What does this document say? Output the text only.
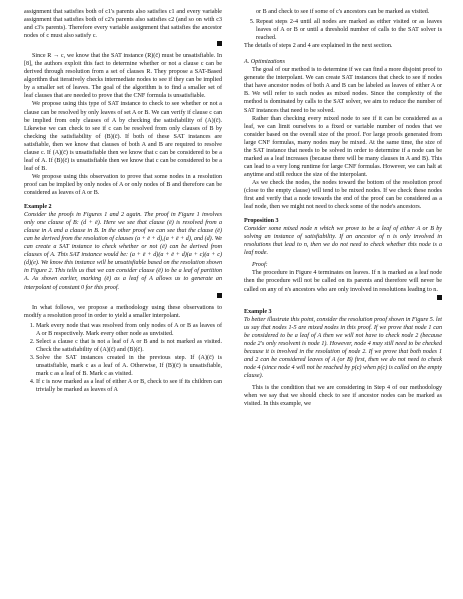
assignment that satisfies both of c1's parents also satisfies c1 and every variable assignment that satisfies both of c2's parents also satisfies c2 (and so on with c3 and c3's parents). Therefore every variable assignment that satisfies the ancestor nodes of c must also satisfy c.

Since R → c, we know that the SAT instance (R)(c̄) must be unsatisfiable. In [8], the authors exploit this fact to determine whether or not a clause c can be derived through resolution from a set of clauses R. They propose a SAT-Based algorithm that iteratively checks intermediate nodes to see if they can be implied by a smaller set of leaves. The goal of the algorithm is to find a smaller set of leaf clauses that are needed to prove that the CNF formula is unsatisfiable.

We propose using this type of SAT instance to check to see whether or not a clause can be resolved by only leaves of set A or B. We can verify if clause c can be implied from only clauses of A by checking the satisfiability of (A)(c̄). Likewise we can check to see if c can be resolved from only clauses of B by checking the satisfiability of (B)(c̄). If both of these SAT instances are satisfiable, then we know that clauses of both A and B are required to resolve clause c. If (A)(c̄) is unsatisfiable then we know that c can be considered to be a leaf of A. If (B)(c̄) is unsatisfiable then we know that c can be considered to be a leaf of B.

We propose using this observation to prove that some nodes in a resolution proof can be implied by only nodes of A or only nodes of B and therefore can be considered as leaves of A or B.

Example 2

Consider the proofs in Figures 1 and 2 again. The proof in Figure 1 involves only one clause of B: (d + ē). Here we see that clause (ē) is resolved from a clause in A and a clause in B. In the other proof we can see that the clause (ē) can be derived from the resolution of clauses (a + ē + d),(a + ē + d), and (d). We can create a SAT instance to check whether or not (ē) can be derived from clauses of A. This SAT instance would be: (a + ē + d)(a + ē + d)(a + c)(a + c)(d)(e). We know this instance will be unsatisfiable based on the resolution shown in Figure 2. This tells us that we can consider clause (ē) to be a leaf of partition A. As shown earlier, marking (ē) as a leaf of A allows us to generate an interpolant of constant 0 for this proof.

In what follows, we propose a methodology using these observations to modify a resolution proof in order to yield a smaller interpolant.

1. Mark every node that was resolved from only nodes of A or B as leaves of A or B respectively. Mark every other node as unvisited.
2. Select a clause c that is not a leaf of A or B and is not marked as visited. Check the satisfiability of (A)(c̄) and (B)(c̄).
3. Solve the SAT instances created in the previous step. If (A)(c̄) is unsatisfiable, mark c as a leaf of A. Otherwise, If (B)(c̄) is unsatisfiable, mark c as a leaf of B. Mark c as visited.
4. If c is now marked as a leaf of either A or B, check to see if its children can trivially be marked as leaves of A

or B and check to see if some of c's ancestors can be marked as visited.

5. Repeat steps 2-4 until all nodes are marked as either visited or as leaves leaves of A or B or until a threshold number of calls to the SAT solver is reached.

The details of steps 2 and 4 are explained in the next section.

A. Optimizations

The goal of our method is to determine if we can find a more disjoint proof to generate the interpolant. We can create SAT instances that check to see if nodes that have ancestor nodes of both A and B can be labeled as leaves of either A or B. We will refer to such nodes as mixed nodes. Since the complexity of the method is dominated by calls to the SAT solver, we aim to reduce the number of SAT instances that need to be solved.

Rather than checking every mixed node to see if it can be considered as a leaf, we can limit ourselves to a fixed or variable number of nodes that we consider based on the overall size of the proof. For large proofs generated from large CNF formulas, many nodes may be mixed. At the same time, the size of the SAT instance that needs to be solved in order to determine if a node can be marked as a leaf increases (because there will be many clauses in A and B). This can lead to a very long runtime for large CNF formulas. However, we can halt at anytime and still reduce the size of the interpolant.

As we check the nodes, the nodes toward the bottom of the resolution proof (close to the empty clause) will tend to be mixed nodes. If we check these nodes first and verify that a node towards the end of the proof can be considered as a leaf node, then we might not need to check some of the node's ancestors.

Proposition 3

Consider some mixed node n which we prove to be a leaf of either A or B by solving an instance of satisfiability. If an ancestor of n is only involved in resolutions that lead to n, then we do not need to check whether this node is a leaf node.

Proof:

The procedure in Figure 4 terminates on leaves. If n is marked as a leaf node then the procedure will not be called on its parents and therefore will never be called on any of n's ancestors who are only involved in resolutions leading to n.

Example 3

To better illustrate this point, consider the resolution proof shown in Figure 5. let us say that nodes 1-5 are mixed nodes in this proof. If we prove that node 1 can be considered to be a leaf of A then we will not have to check node 2 (because node 2's only resolvent is node 1). However, node 4 may still need to be checked because it is involved in the resolution of node 2. If we prove that both nodes 1 and 2 can be considered leaves of A (or B) first, then we do not need to check node 4 (since node 4 will not be reached by p(c) when p(c) is called on the empty clause).

This is the condition that we are considering in Step 4 of our methodology when we say that we should check to see if ancestor nodes can be marked as visited. In this example, we
